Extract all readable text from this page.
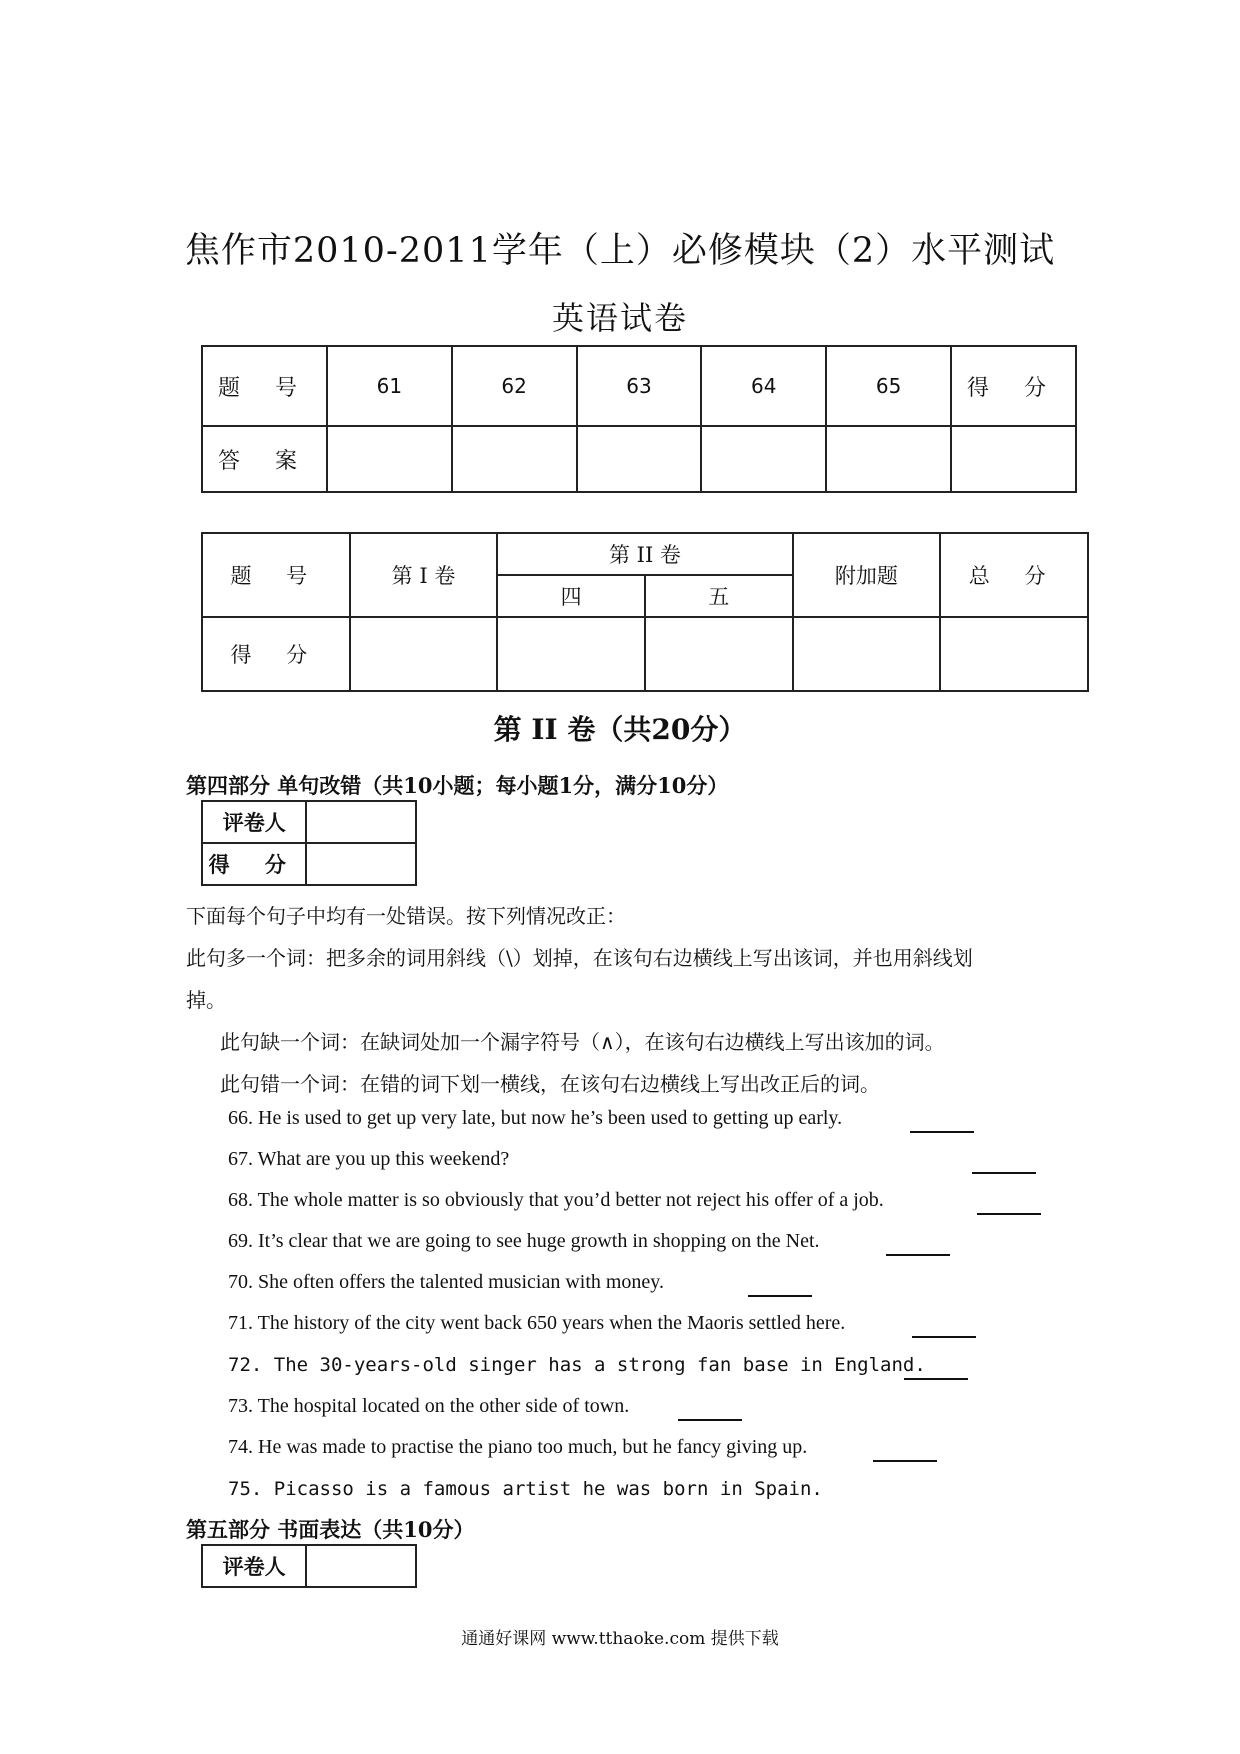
焦作市2010-2011学年（上）必修模块（2）水平测试
英语试卷
题 号	61	62	63	64	65	得 分
答 案						
题 号	第 I 卷	第 II 卷		附加题	总 分
		四	五		
得 分					
第 II 卷（共20分）
第四部分 单句改错（共10小题；每小题1分，满分10分）
评卷人	
得 分	
下面每个句子中均有一处错误。按下列情况改正：
此句多一个词：把多余的词用斜线（\）划掉，在该句右边横线上写出该词，并也用斜线划
掉。
此句缺一个词：在缺词处加一个漏字符号（∧），在该句右边横线上写出该加的词。
此句错一个词：在错的词下划一横线，在该句右边横线上写出改正后的词。
66. He is used to get up very late, but now he’s been used to getting up early.
67. What are you up this weekend?
68. The whole matter is so obviously that you’d better not reject his offer of a job.
69. It’s clear that we are going to see huge growth in shopping on the Net.
70. She often offers the talented musician with money.
71. The history of the city went back 650 years when the Maoris settled here.
72. The 30-years-old singer has a strong fan base in England.
73. The hospital located on the other side of town.
74. He was made to practise the piano too much, but he fancy giving up.
75. Picasso is a famous artist he was born in Spain.
第五部分 书面表达（共10分）
评卷人	
通通好课网 www.tthaoke.com 提供下载
